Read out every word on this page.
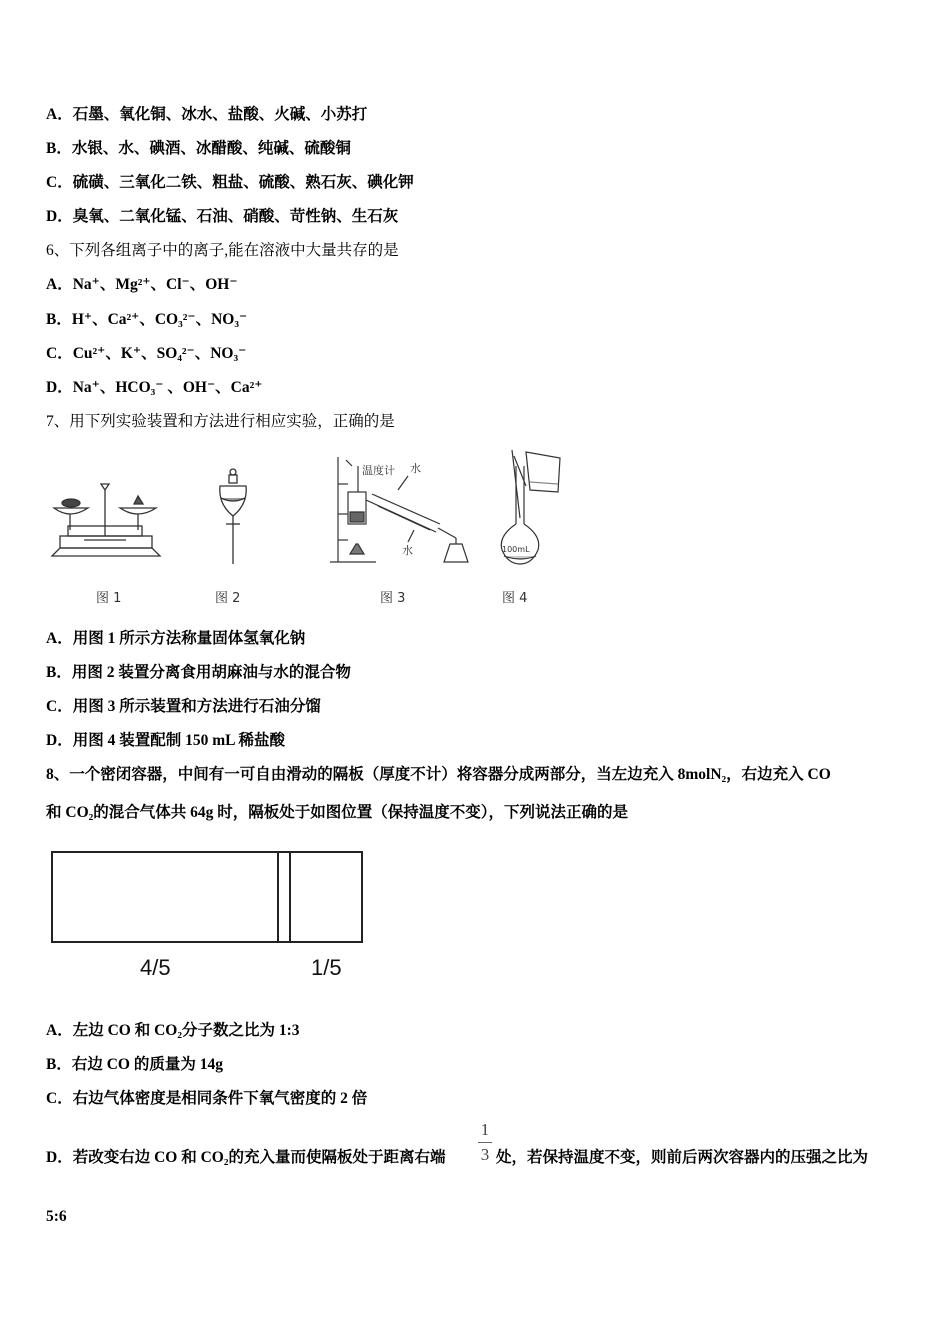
A．石墨、氧化铜、冰水、盐酸、火碱、小苏打
B．水银、水、碘酒、冰醋酸、纯碱、硫酸铜
C．硫磺、三氧化二铁、粗盐、硫酸、熟石灰、碘化钾
D．臭氧、二氧化锰、石油、硝酸、苛性钠、生石灰
6、下列各组离子中的离子,能在溶液中大量共存的是
A．Na⁺、Mg²⁺、Cl⁻、OH⁻
B．H⁺、Ca²⁺、CO₃²⁻、NO₃⁻
C．Cu²⁺、K⁺、SO₄²⁻、NO₃⁻
D．Na⁺、HCO₃⁻ 、OH⁻、Ca²⁺
7、用下列实验装置和方法进行相应实验，正确的是
图 1	图 2
温度计 水
水
图 3
100mL
图 4
A．用图 1 所示方法称量固体氢氧化钠
B．用图 2 装置分离食用胡麻油与水的混合物
C．用图 3 所示装置和方法进行石油分馏
D．用图 4 装置配制 150 mL 稀盐酸
8、一个密闭容器，中间有一可自由滑动的隔板（厚度不计）将容器分成两部分，当左边充入 8molN₂，右边充入 CO
和 CO₂的混合气体共 64g 时，隔板处于如图位置（保持温度不变），下列说法正确的是
4/5	1/5
A．左边 CO 和 CO₂分子数之比为 1:3
B．右边 CO 的质量为 14g
C．右边气体密度是相同条件下氧气密度的 2 倍
D．若改变右边 CO 和 CO₂的充入量而使隔板处于距离右端
1
3 处，若保持温度不变，则前后两次容器内的压强之比为
5:6
